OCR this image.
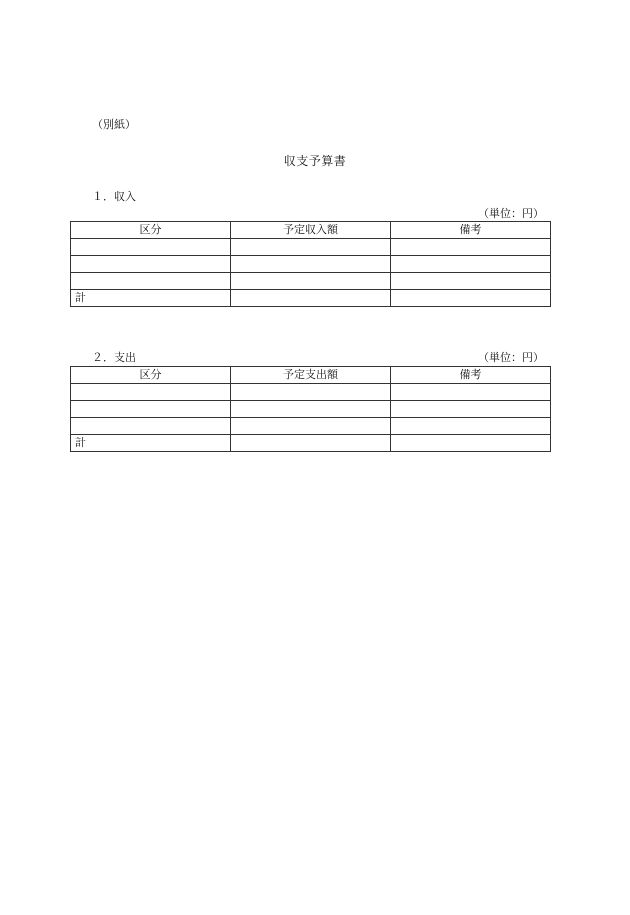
（別紙）
収支予算書
１．収入
（単位：円）
区分	予定収入額	備考

計		
２．支出	（単位：円）
区分	予定支出額	備考

計		
